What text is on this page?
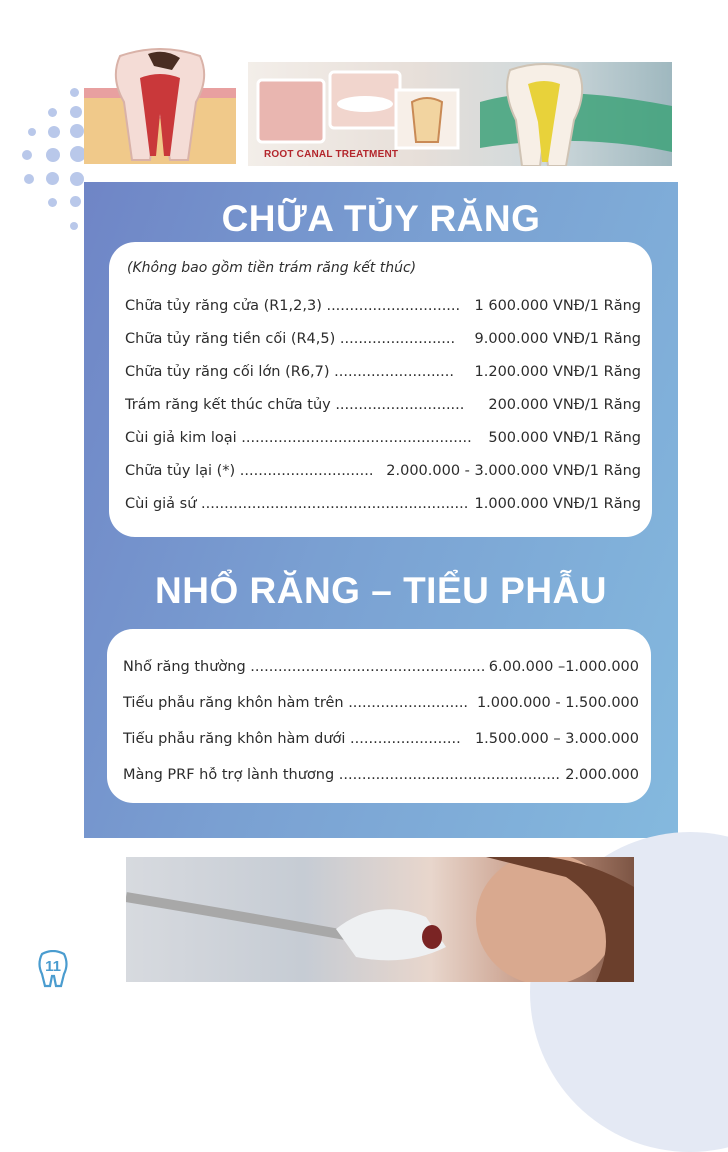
ROOT CANAL TREATMENT
CHỮA TỦY RĂNG
(Không bao gồm tiền trám răng kết thúc)
Chữa tủy răng cửa (R1,2,3) ............................. 1 600.000 VNĐ/1 Răng
Chữa tủy răng tiền cối (R4,5) ......................... 9.000.000 VNĐ/1 Răng
Chữa tủy răng cối lớn (R6,7) .......................... 1.200.000 VNĐ/1 Răng
Trám răng kết thúc chữa tủy ............................ 200.000 VNĐ/1 Răng
Cùi giả kim loại .................................................. 500.000 VNĐ/1 Răng
Chữa tủy lại (*) ............................. 2.000.000 - 3.000.000 VNĐ/1 Răng
Cùi giả sứ .......................................................... 1.000.000 VNĐ/1 Răng
NHỔ RĂNG – TIỂU PHẪU
Nhổ răng thường ................................................... 6.00.000 –1.000.000
Tiểu phẫu răng khôn hàm trên .......................... 1.000.000 - 1.500.000
Tiểu phẫu răng khôn hàm dưới ........................ 1.500.000 – 3.000.000
Màng PRF hỗ trợ lành thương ................................................ 2.000.000
11
